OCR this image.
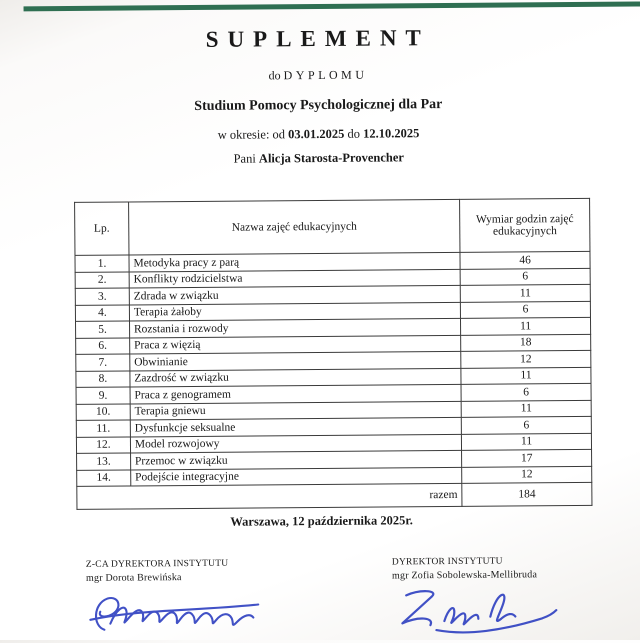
SUPLEMENT
do DYPLOMU
Studium Pomocy Psychologicznej dla Par
w okresie: od 03.01.2025 do 12.10.2025
Pani Alicja Starosta-Provencher
Lp.	Nazwa zajęć edukacyjnych	Wymiar godzin zajęć edukacyjnych
1.	Metodyka pracy z parą	46
2.	Konflikty rodzicielstwa	6
3.	Zdrada w związku	11
4.	Terapia żałoby	6
5.	Rozstania i rozwody	11
6.	Praca z więzią	18
7.	Obwinianie	12
8.	Zazdrość w związku	11
9.	Praca z genogramem	6
10.	Terapia gniewu	11
11.	Dysfunkcje seksualne	6
12.	Model rozwojowy	11
13.	Przemoc w związku	17
14.	Podejście integracyjne	12
razem		184
Warszawa, 12 października 2025r.
Z-CA DYREKTORA INSTYTUTU
mgr Dorota Brewińska
DYREKTOR INSTYTUTU
mgr Zofia Sobolewska-Mellibruda
